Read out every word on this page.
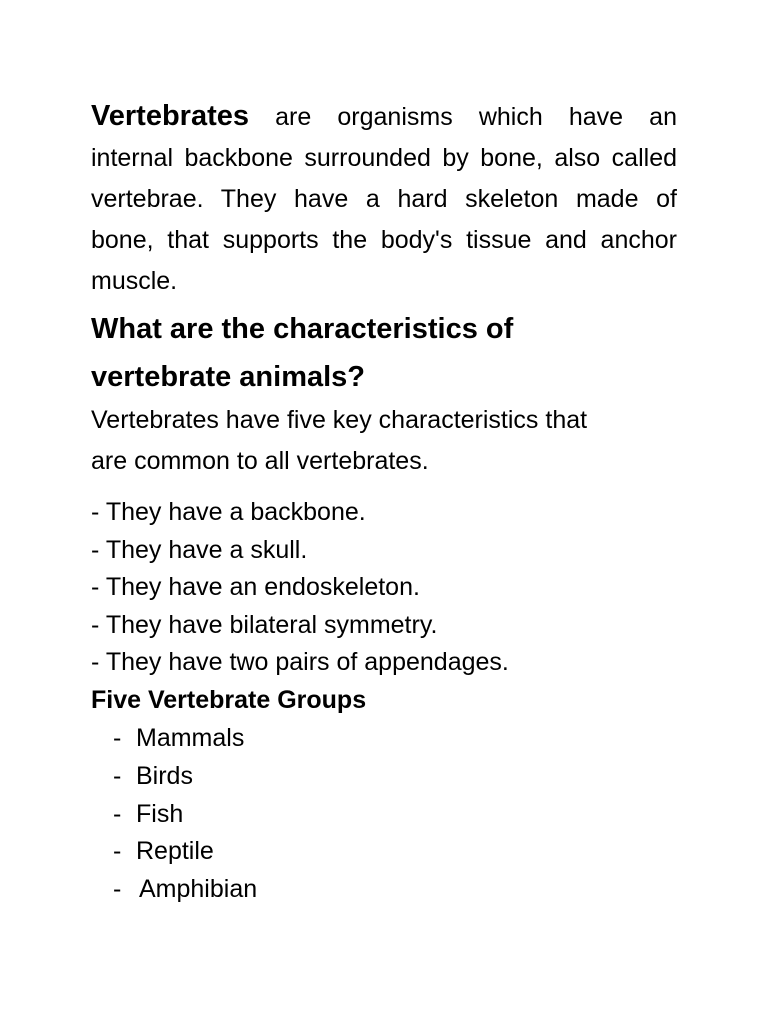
Vertebrates are organisms which have an internal backbone surrounded by bone, also called vertebrae. They have a hard skeleton made of bone, that supports the body's tissue and anchor muscle.

What are the characteristics of
vertebrate animals?

Vertebrates have five key characteristics that
are common to all vertebrates.

- They have a backbone.
- They have a skull.
- They have an endoskeleton.
- They have bilateral symmetry.
- They have two pairs of appendages.
Five Vertebrate Groups
- Mammals
- Birds
- Fish
- Reptile
- Amphibian
